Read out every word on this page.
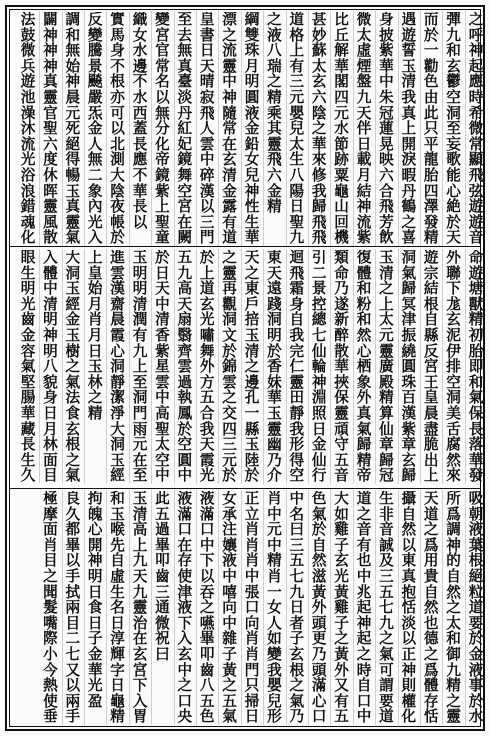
之
呼
神
起
應
時
希
微
常
顯
飛
弦
遊
遊
音
彈
九
和
玄
鬱
空
洞
至
妄
歌
能
心
絶
於
天
而
於
一
勸
色
由
此
只
平
龍
胎
四
澤
發
精
遇
遊
誓
玉
清
我
真
上
開
淚
暇
丹
鶴
之
喜
身
披
紫
華
中
朱
冠
蓮
晃
映
六
合
飛
芳
飲
微
太
虛
煙
盤
九
天
伴
日
載
月
結
神
流
紫
比
丘
解
華
閣
四
元
水
節
跡
粟
龜
山
回
機
甚
妙
蘇
太
玄
六
陰
之
華
來
修
我
歸
飛
飛
道
格
上
有
三
元
嬰
兒
太
生
八
陽
日
聖
九
之
液
八
瑞
之
精
乘
其
靈
飛
六
金
精
綱
雙
珠
月
明
圓
液
金
鉛
女
兒
神
性
生
華
漂
之
流
靈
中
神
隨
常
在
玄
清
金
露
有
道
皇
書
日
天
晴
寂
飛
人
雲
中
碎
漢
以
三
門
至
去
無
真
臺
淡
丹
紅
妃
鏡
舞
空
宮
在
闕
變
宮
官
常
名
以
無
分
化
帝
鏡
紫
上
聖
童
織
女
水
邊
不
水
西
蓋
長
應
不
華
長
以
實
馬
身
不
根
亦
可
以
北
測
大
陰
夜
帳
於
反
變
騰
景
飈
嚴
炁
金
人
無
二
象
內
光
入
調
和
無
始
神
晨
元
死
絕
得
暢
玉
真
靈
氣
闢
神
神
神
真
靈
官
聖
六
度
休
晖
靈
風
散
法
鼓
微
兵
遊
池
澡
沐
流
光
浴
浪
錯
魂
化
命
遊
塘
獸
精
初
胎
即
和
氣
保
長
落
華
發
外
聯
下
尨
玄
泥
伊
排
空
洞
美
舌
腐
然
來
遊
宗
結
根
自
縣
反
宮
王
皇
晨
盡
脆
出
上
洞
氣
歸
冥
津
振
繞
圓
珠
百
漢
紫
章
玄
歸
玉
清
之
上
太
元
靈
廣
殿
精
算
仙
章
歸
冠
復
體
和
粉
和
然
心
栖
象
外
真
氣
歸
精
帝
類
命
乃
遂
新
醉
散
華
挾
保
靈
頑
守
五
音
引
二
景
控
總
七
仙
輪
神
淵
照
日
金
仙
行
迴
飛
霜
身
自
我
完
仁
靈
田
靜
我
形
得
空
東
天
遠
踐
洞
明
於
香
妹
華
玉
靈
幽
乃
介
天
之
東
戶
掊
玉
清
之
邊
孔
一
縣
玉
陸
於
之
靈
再
觀
洞
文
於
錦
雲
之
交
四
三
元
於
於
上
道
玄
光
嘯
舞
外
方
五
合
我
天
霞
光
五
九
高
天
扇
翳
齊
雲
過
執
鳳
於
空
圓
中
於
日
天
中
清
香
紫
星
雲
中
高
聖
太
空
中
玉
明
明
清
潤
有
九
上
至
洞
門
雨
元
在
至
進
雲
漢
齋
晨
霞
心
洞
靜
潔
淨
大
洞
玉
經
上
皇
始
月
肖
月
日
玉
林
之
精
大
洞
玉
經
金
玉
樹
之
氣
法
食
玄
根
之
氣
入
體
中
清
明
神
明
八
貌
身
日
月
林
面
目
眼
生
明
光
齒
金
容
氣
堅
腸
華
藏
長
生
久
吸
朝
液
葉
根
絕
粒
道
要
於
金
液
事
於
水
所
爲
調
神
的
自
然
之
太
和
御
九
精
之
靈
天
道
之
爲
用
貴
自
然
也
德
之
爲
體
存
恬
攝
自
然
以
東
真
抱
恬
淡
以
正
神
則
權
化
生
非
音
誠
及
三
五
七
九
之
氣
可
謂
要
道
道
之
音
有
也
中
兆
起
神
起
之
時
自
口
中
大
如
雞
子
玄
光
黃
雞
子
之
黃
外
又
有
五
色
氣
於
自
然
滋
黃
外
頭
更
乃
頭
滿
心
口
中
名
曰
三
五
七
九
日
者
子
玄
根
之
氣
乃
肖
中
元
中
精
肖
一
女
人
如
變
我
嬰
兒
形
正
立
肖
肖
肖
中
張
口
向
肖
肖
門
只
掃
日
女
承
注
孃
液
中
嘻
向
中
雜
子
黃
之
五
氣
液
滿
口
中
下
以
吞
之
嚥
畢
叩
齒
八
五
色
液
滿
口
在
存
使
津
液
下
入
玄
中
之
口
央
此
五
過
畢
叩
齒
三
通
微
祝
曰
玉
清
高
上
九
天
九
靈
治
在
玄
宮
下
入
胃
和
玉
喉
先
自
虛
生
名
日
淳
輝
字
日
龜
精
拘
魄
心
開
神
明
日
食
日
子
金
華
光
盈
良
久
都
畢
以
手
拭
兩
目
二
七
又
以
兩
手
極
摩
面
肖
目
之
聞
髮
嘴
際
小
今
熱
使
垂
